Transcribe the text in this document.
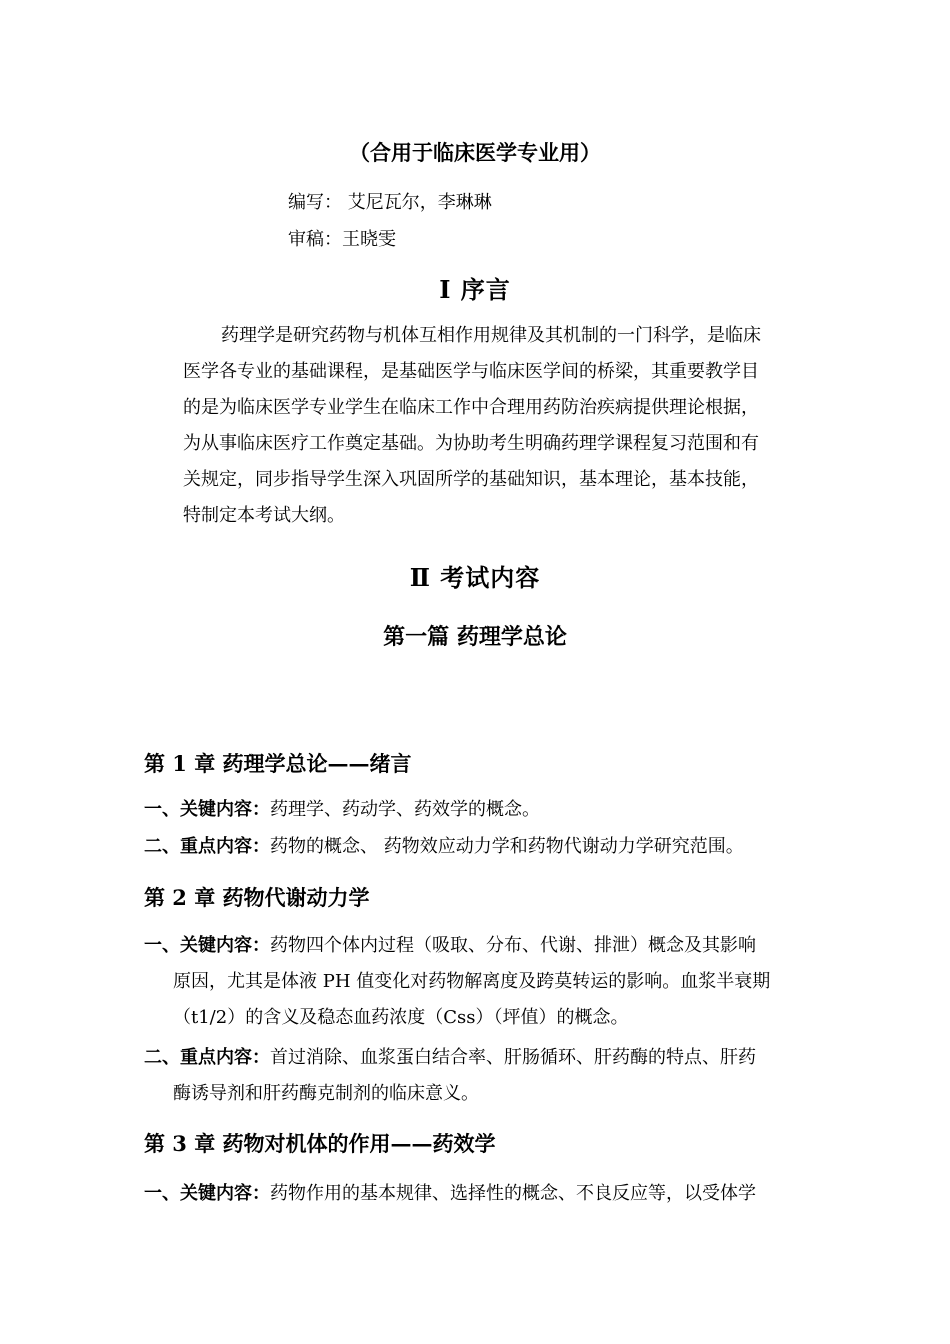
（合用于临床医学专业用）
编写： 艾尼瓦尔，李琳琳
审稿：王晓雯
Ⅰ 序言
药理学是研究药物与机体互相作用规律及其机制的一门科学，是临床
医学各专业的基础课程，是基础医学与临床医学间的桥梁，其重要教学目
的是为临床医学专业学生在临床工作中合理用药防治疾病提供理论根据，
为从事临床医疗工作奠定基础。为协助考生明确药理学课程复习范围和有
关规定，同步指导学生深入巩固所学的基础知识，基本理论，基本技能，
特制定本考试大纲。
Ⅱ 考试内容
第一篇 药理学总论
第 1 章 药理学总论——绪言
一、关键内容：药理学、药动学、药效学的概念。
二、重点内容：药物的概念、 药物效应动力学和药物代谢动力学研究范围。
第 2 章 药物代谢动力学
一、关键内容：药物四个体内过程（吸取、分布、代谢、排泄）概念及其影响
原因，尤其是体液 PH 值变化对药物解离度及跨莫转运的影响。血浆半衰期
（t1/2）的含义及稳态血药浓度（Css）（坪值）的概念。
二、重点内容：首过消除、血浆蛋白结合率、肝肠循环、肝药酶的特点、肝药
酶诱导剂和肝药酶克制剂的临床意义。
第 3 章 药物对机体的作用——药效学
一、关键内容：药物作用的基本规律、选择性的概念、不良反应等，以受体学
